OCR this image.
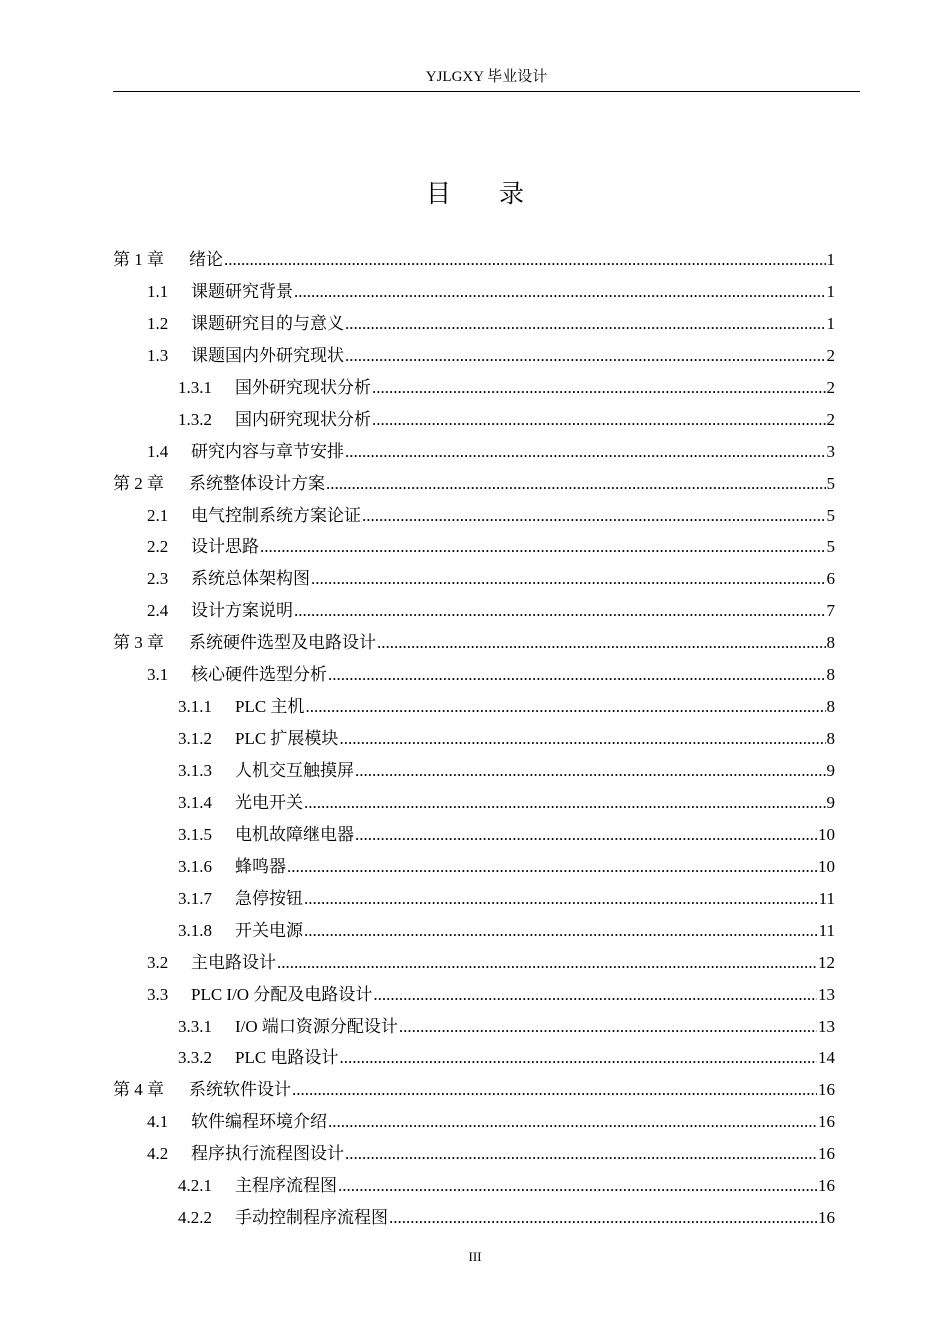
YJLGXY 毕业设计
目 录
第 1 章	绪论 .....	1
1.1	课题研究背景 .....	1
1.2	课题研究目的与意义 .....	1
1.3	课题国内外研究现状 .....	2
1.3.1	国外研究现状分析 .....	2
1.3.2	国内研究现状分析 .....	2
1.4	研究内容与章节安排 .....	3
第 2 章	系统整体设计方案 .....	5
2.1	电气控制系统方案论证 .....	5
2.2	设计思路 .....	5
2.3	系统总体架构图 .....	6
2.4	设计方案说明 .....	7
第 3 章	系统硬件选型及电路设计 .....	8
3.1	核心硬件选型分析 .....	8
3.1.1	PLC 主机 .....	8
3.1.2	PLC 扩展模块 .....	8
3.1.3	人机交互触摸屏 .....	9
3.1.4	光电开关 .....	9
3.1.5	电机故障继电器 .....	10
3.1.6	蜂鸣器 .....	10
3.1.7	急停按钮 .....	11
3.1.8	开关电源 .....	11
3.2	主电路设计 .....	12
3.3	PLC I/O 分配及电路设计 .....	13
3.3.1	I/O 端口资源分配设计 .....	13
3.3.2	PLC 电路设计 .....	14
第 4 章	系统软件设计 .....	16
4.1	软件编程环境介绍 .....	16
4.2	程序执行流程图设计 .....	16
4.2.1	主程序流程图 .....	16
4.2.2	手动控制程序流程图 .....	16
III
